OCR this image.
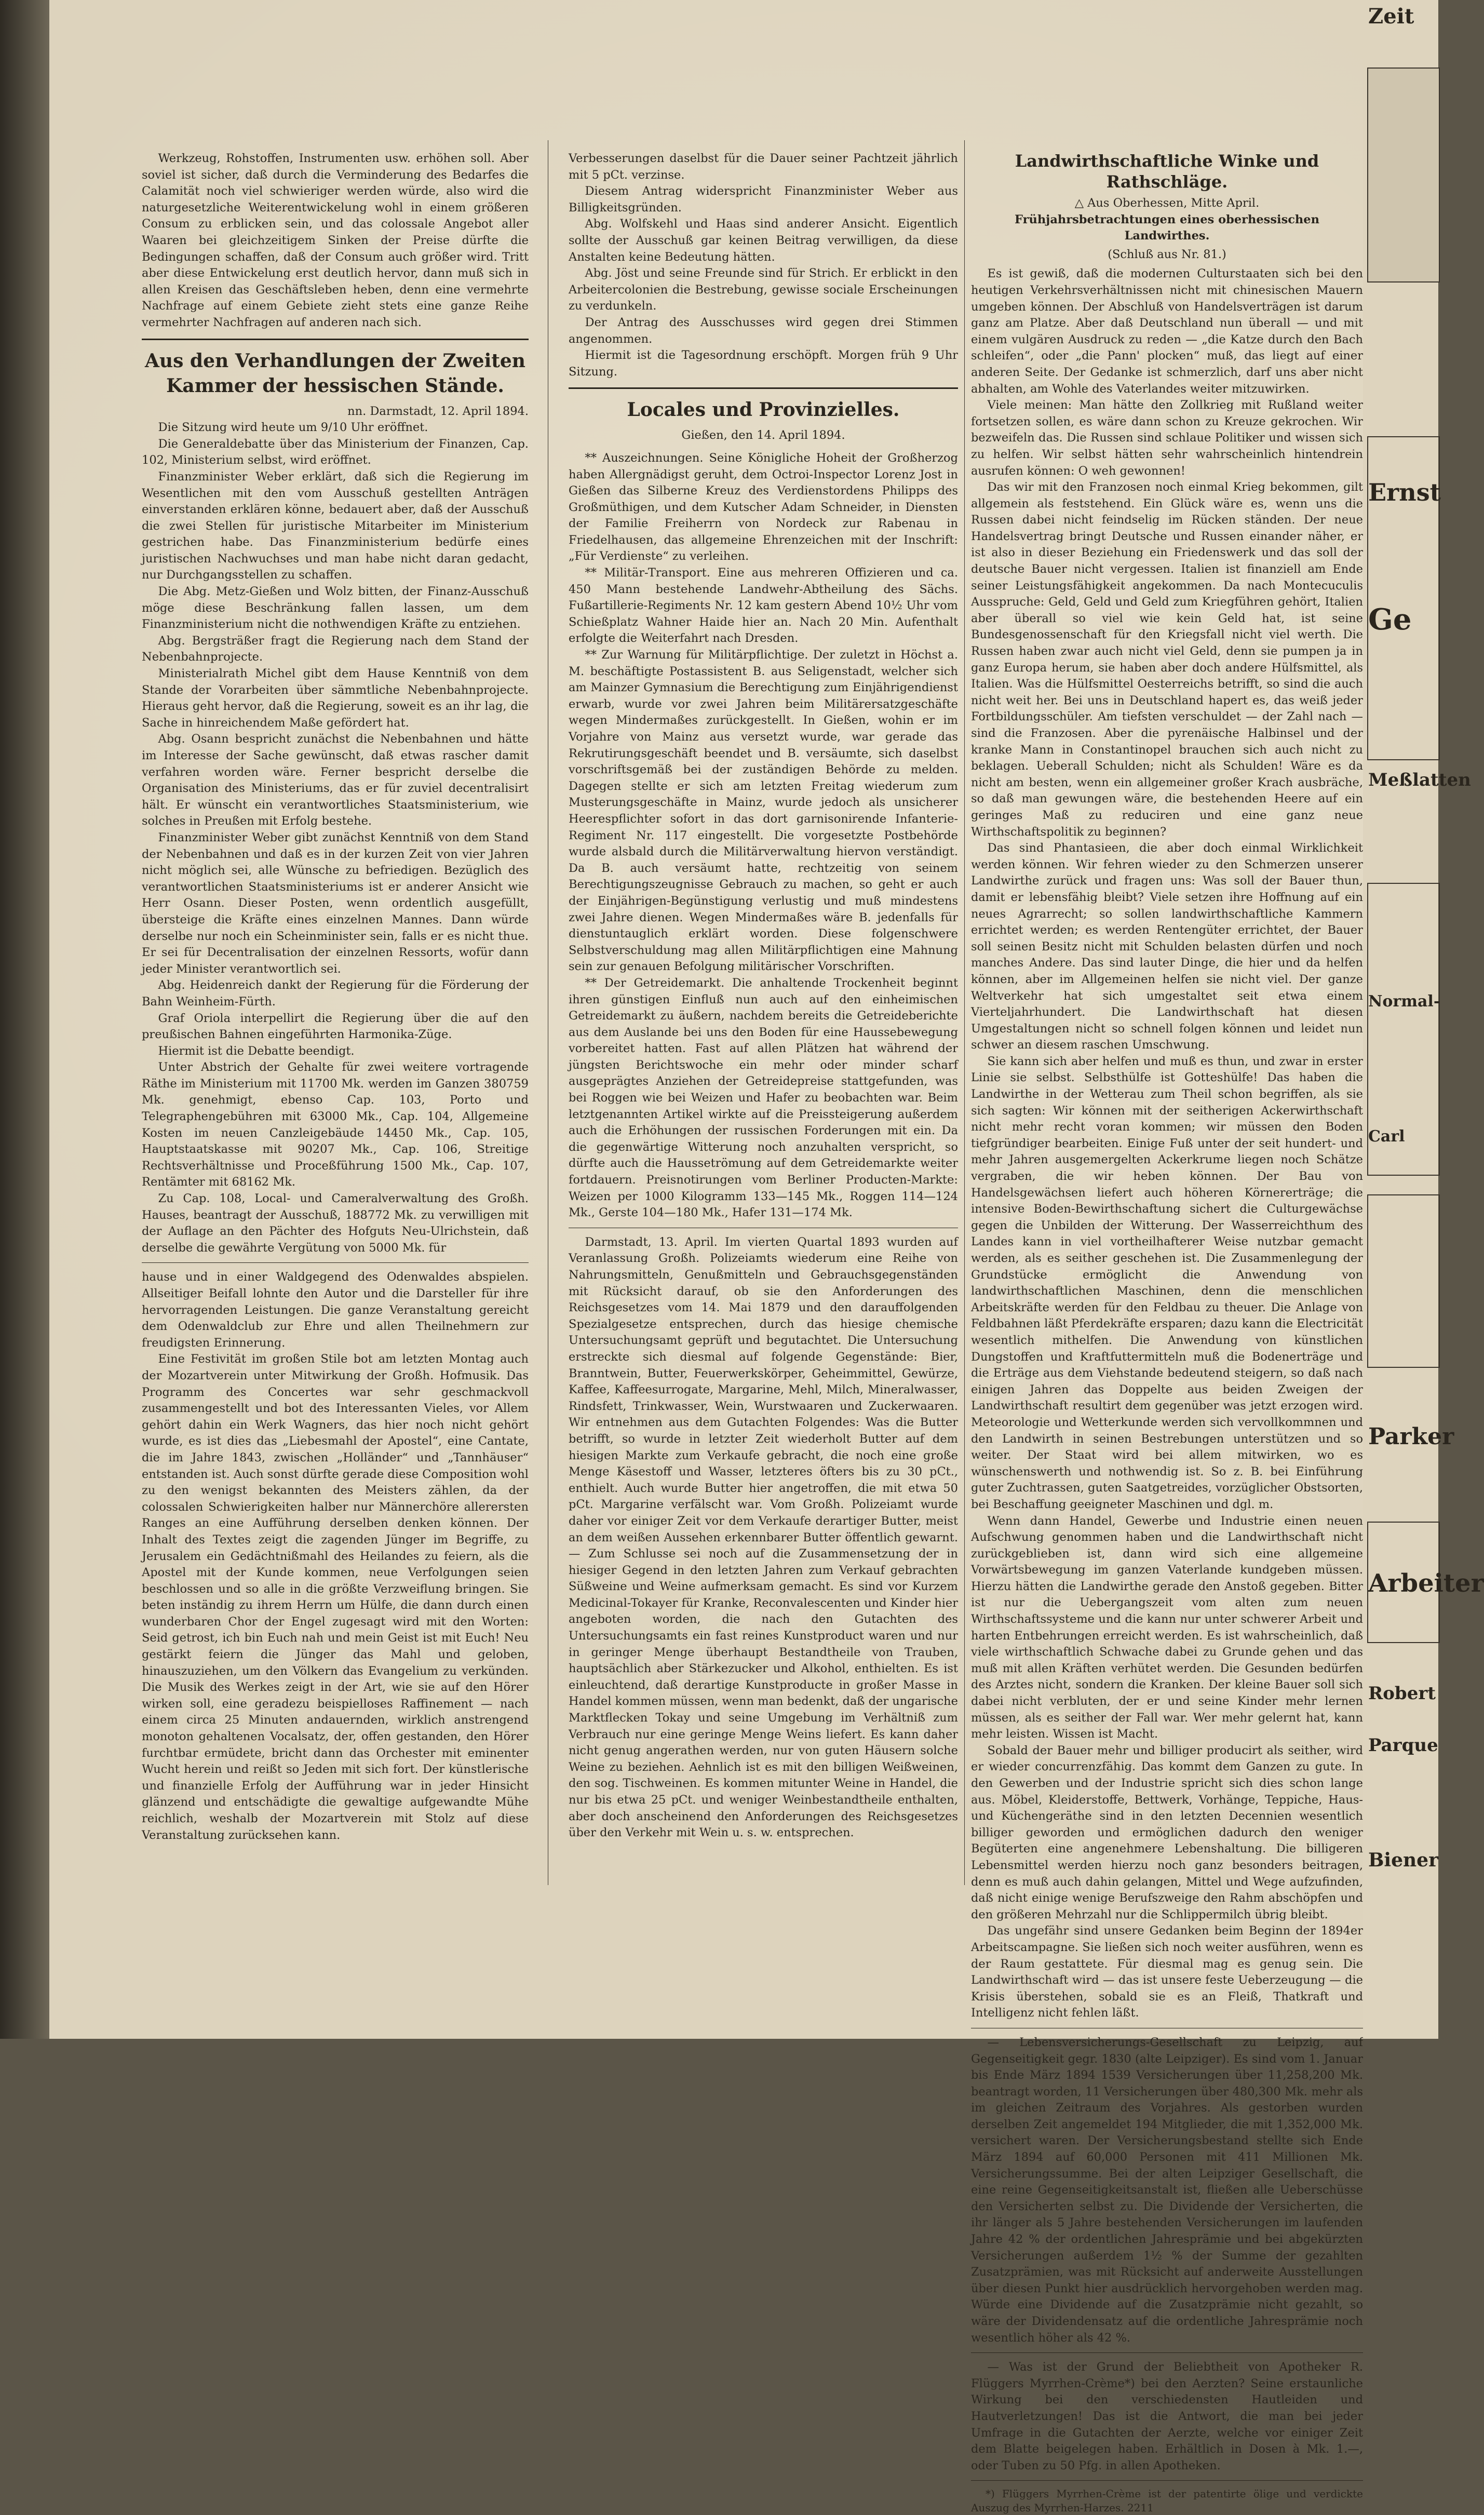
Werkzeug, Rohstoffen, Instrumenten usw. erhöhen soll. Aber soviel ist sicher, daß durch die Verminderung des Bedarfes die Calamität noch viel schwieriger werden würde, also wird die naturgesetzliche Weiterentwickelung wohl in einem größeren Consum zu erblicken sein, und das colossale Angebot aller Waaren bei gleichzeitigem Sinken der Preise dürfte die Bedingungen schaffen, daß der Consum auch größer wird. Tritt aber diese Entwickelung erst deutlich hervor, dann muß sich in allen Kreisen das Geschäftsleben heben, denn eine vermehrte Nachfrage auf einem Gebiete zieht stets eine ganze Reihe vermehrter Nachfragen auf anderen nach sich.

Aus den Verhandlungen der Zweiten Kammer der hessischen Stände.
nn. Darmstadt, 12. April 1894.

Die Sitzung wird heute um 9/10 Uhr eröffnet.

Die Generaldebatte über das Ministerium der Finanzen, Cap. 102, Ministerium selbst, wird eröffnet.

Finanzminister Weber erklärt, daß sich die Regierung im Wesentlichen mit den vom Ausschuß gestellten Anträgen einverstanden erklären könne, bedauert aber, daß der Ausschuß die zwei Stellen für juristische Mitarbeiter im Ministerium gestrichen habe. Das Finanzministerium bedürfe eines juristischen Nachwuchses und man habe nicht daran gedacht, nur Durchgangsstellen zu schaffen.

Die Abg. Metz-Gießen und Wolz bitten, der Finanz-Ausschuß möge diese Beschränkung fallen lassen, um dem Finanzministerium nicht die nothwendigen Kräfte zu entziehen.

Abg. Bergsträßer fragt die Regierung nach dem Stand der Nebenbahnprojecte.

Ministerialrath Michel gibt dem Hause Kenntniß von dem Stande der Vorarbeiten über sämmtliche Nebenbahnprojecte. Hieraus geht hervor, daß die Regierung, soweit es an ihr lag, die Sache in hinreichendem Maße gefördert hat.

Abg. Osann bespricht zunächst die Nebenbahnen und hätte im Interesse der Sache gewünscht, daß etwas rascher damit verfahren worden wäre. Ferner bespricht derselbe die Organisation des Ministeriums, das er für zuviel decentralisirt hält. Er wünscht ein verantwortliches Staatsministerium, wie solches in Preußen mit Erfolg bestehe.

Finanzminister Weber gibt zunächst Kenntniß von dem Stand der Nebenbahnen und daß es in der kurzen Zeit von vier Jahren nicht möglich sei, alle Wünsche zu befriedigen. Bezüglich des verantwortlichen Staatsministeriums ist er anderer Ansicht wie Herr Osann. Dieser Posten, wenn ordentlich ausgefüllt, übersteige die Kräfte eines einzelnen Mannes. Dann würde derselbe nur noch ein Scheinminister sein, falls er es nicht thue. Er sei für Decentralisation der einzelnen Ressorts, wofür dann jeder Minister verantwortlich sei.

Abg. Heidenreich dankt der Regierung für die Förderung der Bahn Weinheim-Fürth.

Graf Oriola interpellirt die Regierung über die auf den preußischen Bahnen eingeführten Harmonika-Züge.

Hiermit ist die Debatte beendigt.

Unter Abstrich der Gehalte für zwei weitere vortragende Räthe im Ministerium mit 11700 Mk. werden im Ganzen 380759 Mk. genehmigt, ebenso Cap. 103, Porto und Telegraphengebühren mit 63000 Mk., Cap. 104, Allgemeine Kosten im neuen Canzleigebäude 14450 Mk., Cap. 105, Hauptstaatskasse mit 90207 Mk., Cap. 106, Streitige Rechtsverhältnisse und Proceßführung 1500 Mk., Cap. 107, Rentämter mit 68162 Mk.

Zu Cap. 108, Local- und Cameralverwaltung des Großh. Hauses, beantragt der Ausschuß, 188772 Mk. zu verwilligen mit der Auflage an den Pächter des Hofguts Neu-Ulrichstein, daß derselbe die gewährte Vergütung von 5000 Mk. für

hause und in einer Waldgegend des Odenwaldes abspielen. Allseitiger Beifall lohnte den Autor und die Darsteller für ihre hervorragenden Leistungen. Die ganze Veranstaltung gereicht dem Odenwaldclub zur Ehre und allen Theilnehmern zur freudigsten Erinnerung.

Eine Festivität im großen Stile bot am letzten Montag auch der Mozartverein unter Mitwirkung der Großh. Hofmusik. Das Programm des Concertes war sehr geschmackvoll zusammengestellt und bot des Interessanten Vieles, vor Allem gehört dahin ein Werk Wagners, das hier noch nicht gehört wurde, es ist dies das „Liebesmahl der Apostel“, eine Cantate, die im Jahre 1843, zwischen „Holländer“ und „Tannhäuser“ entstanden ist. Auch sonst dürfte gerade diese Composition wohl zu den wenigst bekannten des Meisters zählen, da der colossalen Schwierigkeiten halber nur Männerchöre allerersten Ranges an eine Aufführung derselben denken können. Der Inhalt des Textes zeigt die zagenden Jünger im Begriffe, zu Jerusalem ein Gedächtnißmahl des Heilandes zu feiern, als die Apostel mit der Kunde kommen, neue Verfolgungen seien beschlossen und so alle in die größte Verzweiflung bringen. Sie beten inständig zu ihrem Herrn um Hülfe, die dann durch einen wunderbaren Chor der Engel zugesagt wird mit den Worten: Seid getrost, ich bin Euch nah und mein Geist ist mit Euch! Neu gestärkt feiern die Jünger das Mahl und geloben, hinauszuziehen, um den Völkern das Evangelium zu verkünden. Die Musik des Werkes zeigt in der Art, wie sie auf den Hörer wirken soll, eine geradezu beispielloses Raffinement — nach einem circa 25 Minuten andauernden, wirklich anstrengend monoton gehaltenen Vocalsatz, der, offen gestanden, den Hörer furchtbar ermüdete, bricht dann das Orchester mit eminenter Wucht herein und reißt so Jeden mit sich fort. Der künstlerische und finanzielle Erfolg der Aufführung war in jeder Hinsicht glänzend und entschädigte die gewaltige aufgewandte Mühe reichlich, weshalb der Mozartverein mit Stolz auf diese Veranstaltung zurücksehen kann.

Verbesserungen daselbst für die Dauer seiner Pachtzeit jährlich mit 5 pCt. verzinse.

Diesem Antrag widerspricht Finanzminister Weber aus Billigkeitsgründen.

Abg. Wolfskehl und Haas sind anderer Ansicht. Eigentlich sollte der Ausschuß gar keinen Beitrag verwilligen, da diese Anstalten keine Bedeutung hätten.

Abg. Jöst und seine Freunde sind für Strich. Er erblickt in den Arbeitercolonien die Bestrebung, gewisse sociale Erscheinungen zu verdunkeln.

Der Antrag des Ausschusses wird gegen drei Stimmen angenommen.

Hiermit ist die Tagesordnung erschöpft. Morgen früh 9 Uhr Sitzung.

Locales und Provinzielles.
Gießen, den 14. April 1894.

** Auszeichnungen. Seine Königliche Hoheit der Großherzog haben Allergnädigst geruht, dem Octroi-Inspector Lorenz Jost in Gießen das Silberne Kreuz des Verdienstordens Philipps des Großmüthigen, und dem Kutscher Adam Schneider, in Diensten der Familie Freiherrn von Nordeck zur Rabenau in Friedelhausen, das allgemeine Ehrenzeichen mit der Inschrift: „Für Verdienste“ zu verleihen.

** Militär-Transport. Eine aus mehreren Offizieren und ca. 450 Mann bestehende Landwehr-Abtheilung des Sächs. Fußartillerie-Regiments Nr. 12 kam gestern Abend 10½ Uhr vom Schießplatz Wahner Haide hier an. Nach 20 Min. Aufenthalt erfolgte die Weiterfahrt nach Dresden.

** Zur Warnung für Militärpflichtige. Der zuletzt in Höchst a. M. beschäftigte Postassistent B. aus Seligenstadt, welcher sich am Mainzer Gymnasium die Berechtigung zum Einjährigendienst erwarb, wurde vor zwei Jahren beim Militärersatzgeschäfte wegen Mindermaßes zurückgestellt. In Gießen, wohin er im Vorjahre von Mainz aus versetzt wurde, war gerade das Rekrutirungsgeschäft beendet und B. versäumte, sich daselbst vorschriftsgemäß bei der zuständigen Behörde zu melden. Dagegen stellte er sich am letzten Freitag wiederum zum Musterungsgeschäfte in Mainz, wurde jedoch als unsicherer Heerespflichter sofort in das dort garnisonirende Infanterie-Regiment Nr. 117 eingestellt. Die vorgesetzte Postbehörde wurde alsbald durch die Militärverwaltung hiervon verständigt. Da B. auch versäumt hatte, rechtzeitig von seinem Berechtigungszeugnisse Gebrauch zu machen, so geht er auch der Einjährigen-Begünstigung verlustig und muß mindestens zwei Jahre dienen. Wegen Mindermaßes wäre B. jedenfalls für dienstuntauglich erklärt worden. Diese folgenschwere Selbstverschuldung mag allen Militärpflichtigen eine Mahnung sein zur genauen Befolgung militärischer Vorschriften.

** Der Getreidemarkt. Die anhaltende Trockenheit beginnt ihren günstigen Einfluß nun auch auf den einheimischen Getreidemarkt zu äußern, nachdem bereits die Getreideberichte aus dem Auslande bei uns den Boden für eine Haussebewegung vorbereitet hatten. Fast auf allen Plätzen hat während der jüngsten Berichtswoche ein mehr oder minder scharf ausgeprägtes Anziehen der Getreidepreise stattgefunden, was bei Roggen wie bei Weizen und Hafer zu beobachten war. Beim letztgenannten Artikel wirkte auf die Preissteigerung außerdem auch die Erhöhungen der russischen Forderungen mit ein. Da die gegenwärtige Witterung noch anzuhalten verspricht, so dürfte auch die Haussetrömung auf dem Getreidemarkte weiter fortdauern. Preisnotirungen vom Berliner Producten-Markte: Weizen per 1000 Kilogramm 133—145 Mk., Roggen 114—124 Mk., Gerste 104—180 Mk., Hafer 131—174 Mk.

Darmstadt, 13. April. Im vierten Quartal 1893 wurden auf Veranlassung Großh. Polizeiamts wiederum eine Reihe von Nahrungsmitteln, Genußmitteln und Gebrauchsgegenständen mit Rücksicht darauf, ob sie den Anforderungen des Reichsgesetzes vom 14. Mai 1879 und den darauffolgenden Spezialgesetze entsprechen, durch das hiesige chemische Untersuchungsamt geprüft und begutachtet. Die Untersuchung erstreckte sich diesmal auf folgende Gegenstände: Bier, Branntwein, Butter, Feuerwerkskörper, Geheimmittel, Gewürze, Kaffee, Kaffeesurrogate, Margarine, Mehl, Milch, Mineralwasser, Rindsfett, Trinkwasser, Wein, Wurstwaaren und Zuckerwaaren. Wir entnehmen aus dem Gutachten Folgendes: Was die Butter betrifft, so wurde in letzter Zeit wiederholt Butter auf dem hiesigen Markte zum Verkaufe gebracht, die noch eine große Menge Käsestoff und Wasser, letzteres öfters bis zu 30 pCt., enthielt. Auch wurde Butter hier angetroffen, die mit etwa 50 pCt. Margarine verfälscht war. Vom Großh. Polizeiamt wurde daher vor einiger Zeit vor dem Verkaufe derartiger Butter, meist an dem weißen Aussehen erkennbarer Butter öffentlich gewarnt. — Zum Schlusse sei noch auf die Zusammensetzung der in hiesiger Gegend in den letzten Jahren zum Verkauf gebrachten Süßweine und Weine aufmerksam gemacht. Es sind vor Kurzem Medicinal-Tokayer für Kranke, Reconvalescenten und Kinder hier angeboten worden, die nach den Gutachten des Untersuchungsamts ein fast reines Kunstproduct waren und nur in geringer Menge überhaupt Bestandtheile von Trauben, hauptsächlich aber Stärkezucker und Alkohol, enthielten. Es ist einleuchtend, daß derartige Kunstproducte in großer Masse in Handel kommen müssen, wenn man bedenkt, daß der ungarische Marktflecken Tokay und seine Umgebung im Verhältniß zum Verbrauch nur eine geringe Menge Weins liefert. Es kann daher nicht genug angerathen werden, nur von guten Häusern solche Weine zu beziehen. Aehnlich ist es mit den billigen Weißweinen, den sog. Tischweinen. Es kommen mitunter Weine in Handel, die nur bis etwa 25 pCt. und weniger Weinbestandtheile enthalten, aber doch anscheinend den Anforderungen des Reichsgesetzes über den Verkehr mit Wein u. s. w. entsprechen.

Landwirthschaftliche Winke und Rathschläge.
△ Aus Oberhessen, Mitte April.
Frühjahrsbetrachtungen eines oberhessischen Landwirthes.
(Schluß aus Nr. 81.)

Es ist gewiß, daß die modernen Culturstaaten sich bei den heutigen Verkehrsverhältnissen nicht mit chinesischen Mauern umgeben können. Der Abschluß von Handelsverträgen ist darum ganz am Platze. Aber daß Deutschland nun überall — und mit einem vulgären Ausdruck zu reden — „die Katze durch den Bach schleifen“, oder „die Pann' plocken“ muß, das liegt auf einer anderen Seite. Der Gedanke ist schmerzlich, darf uns aber nicht abhalten, am Wohle des Vaterlandes weiter mitzuwirken.

Viele meinen: Man hätte den Zollkrieg mit Rußland weiter fortsetzen sollen, es wäre dann schon zu Kreuze gekrochen. Wir bezweifeln das. Die Russen sind schlaue Politiker und wissen sich zu helfen. Wir selbst hätten sehr wahrscheinlich hintendrein ausrufen können: O weh gewonnen!

Das wir mit den Franzosen noch einmal Krieg bekommen, gilt allgemein als feststehend. Ein Glück wäre es, wenn uns die Russen dabei nicht feindselig im Rücken ständen. Der neue Handelsvertrag bringt Deutsche und Russen einander näher, er ist also in dieser Beziehung ein Friedenswerk und das soll der deutsche Bauer nicht vergessen. Italien ist finanziell am Ende seiner Leistungsfähigkeit angekommen. Da nach Montecuculis Ausspruche: Geld, Geld und Geld zum Kriegführen gehört, Italien aber überall so viel wie kein Geld hat, ist seine Bundesgenossenschaft für den Kriegsfall nicht viel werth. Die Russen haben zwar auch nicht viel Geld, denn sie pumpen ja in ganz Europa herum, sie haben aber doch andere Hülfsmittel, als Italien. Was die Hülfsmittel Oesterreichs betrifft, so sind die auch nicht weit her. Bei uns in Deutschland hapert es, das weiß jeder Fortbildungsschüler. Am tiefsten verschuldet — der Zahl nach — sind die Franzosen. Aber die pyrenäische Halbinsel und der kranke Mann in Constantinopel brauchen sich auch nicht zu beklagen. Ueberall Schulden; nicht als Schulden! Wäre es da nicht am besten, wenn ein allgemeiner großer Krach ausbräche, so daß man gewungen wäre, die bestehenden Heere auf ein geringes Maß zu reduciren und eine ganz neue Wirthschaftspolitik zu beginnen?

Das sind Phantasieen, die aber doch einmal Wirklichkeit werden können. Wir fehren wieder zu den Schmerzen unserer Landwirthe zurück und fragen uns: Was soll der Bauer thun, damit er lebensfähig bleibt? Viele setzen ihre Hoffnung auf ein neues Agrarrecht; so sollen landwirthschaftliche Kammern errichtet werden; es werden Rentengüter errichtet, der Bauer soll seinen Besitz nicht mit Schulden belasten dürfen und noch manches Andere. Das sind lauter Dinge, die hier und da helfen können, aber im Allgemeinen helfen sie nicht viel. Der ganze Weltverkehr hat sich umgestaltet seit etwa einem Vierteljahrhundert. Die Landwirthschaft hat diesen Umgestaltungen nicht so schnell folgen können und leidet nun schwer an diesem raschen Umschwung.

Sie kann sich aber helfen und muß es thun, und zwar in erster Linie sie selbst. Selbsthülfe ist Gotteshülfe! Das haben die Landwirthe in der Wetterau zum Theil schon begriffen, als sie sich sagten: Wir können mit der seitherigen Ackerwirthschaft nicht mehr recht voran kommen; wir müssen den Boden tiefgründiger bearbeiten. Einige Fuß unter der seit hundert- und mehr Jahren ausgemergelten Ackerkrume liegen noch Schätze vergraben, die wir heben können. Der Bau von Handelsgewächsen liefert auch höheren Körnererträge; die intensive Boden-Bewirthschaftung sichert die Culturgewächse gegen die Unbilden der Witterung. Der Wasserreichthum des Landes kann in viel vortheilhafterer Weise nutzbar gemacht werden, als es seither geschehen ist. Die Zusammenlegung der Grundstücke ermöglicht die Anwendung von landwirthschaftlichen Maschinen, denn die menschlichen Arbeitskräfte werden für den Feldbau zu theuer. Die Anlage von Feldbahnen läßt Pferdekräfte ersparen; dazu kann die Electricität wesentlich mithelfen. Die Anwendung von künstlichen Dungstoffen und Kraftfuttermitteln muß die Bodenerträge und die Erträge aus dem Viehstande bedeutend steigern, so daß nach einigen Jahren das Doppelte aus beiden Zweigen der Landwirthschaft resultirt dem gegenüber was jetzt erzogen wird. Meteorologie und Wetterkunde werden sich vervollkommnen und den Landwirth in seinen Bestrebungen unterstützen und so weiter. Der Staat wird bei allem mitwirken, wo es wünschenswerth und nothwendig ist. So z. B. bei Einführung guter Zuchtrassen, guten Saatgetreides, vorzüglicher Obstsorten, bei Beschaffung geeigneter Maschinen und dgl. m.

Wenn dann Handel, Gewerbe und Industrie einen neuen Aufschwung genommen haben und die Landwirthschaft nicht zurückgeblieben ist, dann wird sich eine allgemeine Vorwärtsbewegung im ganzen Vaterlande kundgeben müssen. Hierzu hätten die Landwirthe gerade den Anstoß gegeben. Bitter ist nur die Uebergangszeit vom alten zum neuen Wirthschaftssysteme und die kann nur unter schwerer Arbeit und harten Entbehrungen erreicht werden. Es ist wahrscheinlich, daß viele wirthschaftlich Schwache dabei zu Grunde gehen und das muß mit allen Kräften verhütet werden. Die Gesunden bedürfen des Arztes nicht, sondern die Kranken. Der kleine Bauer soll sich dabei nicht verbluten, der er und seine Kinder mehr lernen müssen, als es seither der Fall war. Wer mehr gelernt hat, kann mehr leisten. Wissen ist Macht.

Sobald der Bauer mehr und billiger producirt als seither, wird er wieder concurrenzfähig. Das kommt dem Ganzen zu gute. In den Gewerben und der Industrie spricht sich dies schon lange aus. Möbel, Kleiderstoffe, Bettwerk, Vorhänge, Teppiche, Haus- und Küchengeräthe sind in den letzten Decennien wesentlich billiger geworden und ermöglichen dadurch den weniger Begüterten eine angenehmere Lebenshaltung. Die billigeren Lebensmittel werden hierzu noch ganz besonders beitragen, denn es muß auch dahin gelangen, Mittel und Wege aufzufinden, daß nicht einige wenige Berufszweige den Rahm abschöpfen und den größeren Mehrzahl nur die Schlippermilch übrig bleibt.

Das ungefähr sind unsere Gedanken beim Beginn der 1894er Arbeitscampagne. Sie ließen sich noch weiter ausführen, wenn es der Raum gestattete. Für diesmal mag es genug sein. Die Landwirthschaft wird — das ist unsere feste Ueberzeugung — die Krisis überstehen, sobald sie es an Fleiß, Thatkraft und Intelligenz nicht fehlen läßt.

— Lebensversicherungs-Gesellschaft zu Leipzig, auf Gegenseitigkeit gegr. 1830 (alte Leipziger). Es sind vom 1. Januar bis Ende März 1894 1539 Versicherungen über 11,258,200 Mk. beantragt worden, 11 Versicherungen über 480,300 Mk. mehr als im gleichen Zeitraum des Vorjahres. Als gestorben wurden derselben Zeit angemeldet 194 Mitglieder, die mit 1,352,000 Mk. versichert waren. Der Versicherungsbestand stellte sich Ende März 1894 auf 60,000 Personen mit 411 Millionen Mk. Versicherungssumme. Bei der alten Leipziger Gesellschaft, die eine reine Gegenseitigkeitsanstalt ist, fließen alle Ueberschüsse den Versicherten selbst zu. Die Dividende der Versicherten, die ihr länger als 5 Jahre bestehenden Versicherungen im laufenden Jahre 42 % der ordentlichen Jahresprämie und bei abgekürzten Versicherungen außerdem 1½ % der Summe der gezahlten Zusatzprämien, was mit Rücksicht auf anderweite Ausstellungen über diesen Punkt hier ausdrücklich hervorgehoben werden mag. Würde eine Dividende auf die Zusatzprämie nicht gezahlt, so wäre der Dividendensatz auf die ordentliche Jahresprämie noch wesentlich höher als 42 %.

— Was ist der Grund der Beliebtheit von Apotheker R. Flüggers Myrrhen-Crème*) bei den Aerzten? Seine erstaunliche Wirkung bei den verschiedensten Hautleiden und Hautverletzungen! Das ist die Antwort, die man bei jeder Umfrage in die Gutachten der Aerzte, welche vor einiger Zeit dem Blatte beigelegen haben. Erhältlich in Dosen à Mk. 1.—, oder Tuben zu 50 Pfg. in allen Apotheken.

*) Flüggers Myrrhen-Crème ist der patentirte ölige und verdickte Auszug des Myrrhen-Harzes. 2211

Zeit
Ernst
Ge
Meßlatten
Normal-
Carl
Parker
Arbeiter
Robert
Parque
Biener
